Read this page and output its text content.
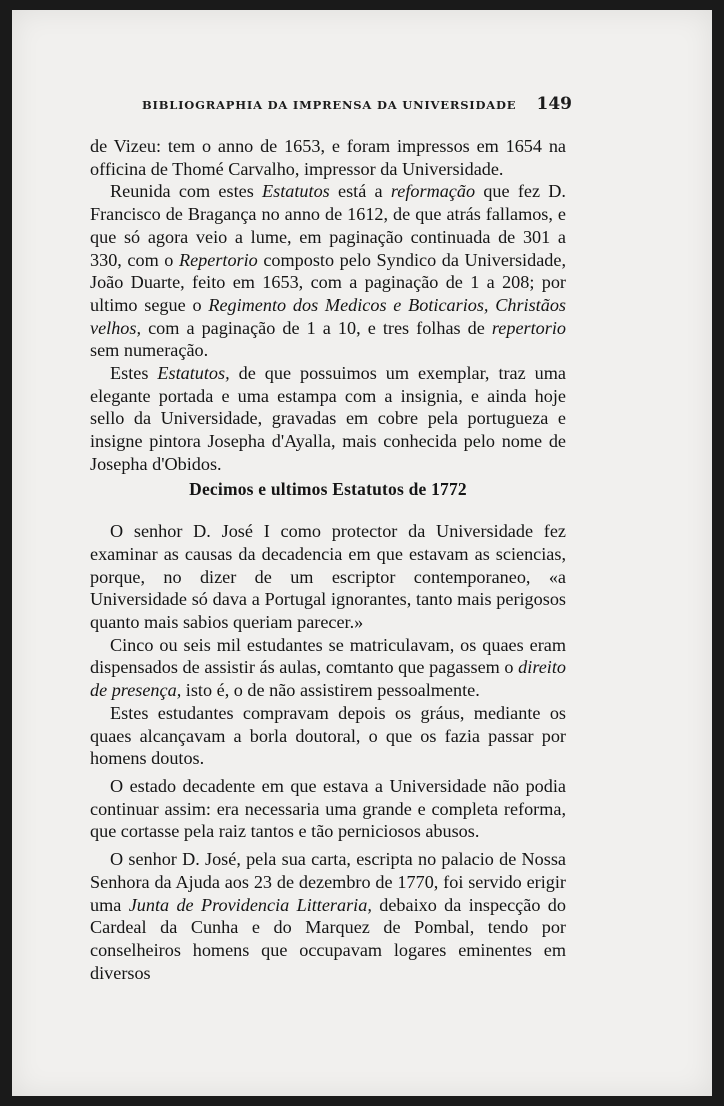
BIBLIOGRAPHIA DA IMPRENSA DA UNIVERSIDADE 149

de Vizeu: tem o anno de 1653, e foram impressos em 1654 na officina de Thomé Carvalho, impressor da Universidade.

Reunida com estes Estatutos está a reformação que fez D. Francisco de Bragança no anno de 1612, de que atrás fallamos, e que só agora veio a lume, em paginação continuada de 301 a 330, com o Repertorio composto pelo Syndico da Universidade, João Duarte, feito em 1653, com a paginação de 1 a 208; por ultimo segue o Regimento dos Medicos e Boticarios, Christãos velhos, com a paginação de 1 a 10, e tres folhas de repertorio sem numeração.

Estes Estatutos, de que possuimos um exemplar, traz uma elegante portada e uma estampa com a insignia, e ainda hoje sello da Universidade, gravadas em cobre pela portugueza e insigne pintora Josepha d'Ayalla, mais conhecida pelo nome de Josepha d'Obidos.

Decimos e ultimos Estatutos de 1772

O senhor D. José I como protector da Universidade fez examinar as causas da decadencia em que estavam as sciencias, porque, no dizer de um escriptor contemporaneo, «a Universidade só dava a Portugal ignorantes, tanto mais perigosos quanto mais sabios queriam parecer.»

Cinco ou seis mil estudantes se matriculavam, os quaes eram dispensados de assistir ás aulas, comtanto que pagassem o direito de presença, isto é, o de não assistirem pessoalmente.

Estes estudantes compravam depois os gráus, mediante os quaes alcançavam a borla doutoral, o que os fazia passar por homens doutos.

O estado decadente em que estava a Universidade não podia continuar assim: era necessaria uma grande e completa reforma, que cortasse pela raiz tantos e tão perniciosos abusos.

O senhor D. José, pela sua carta, escripta no palacio de Nossa Senhora da Ajuda aos 23 de dezembro de 1770, foi servido erigir uma Junta de Providencia Litteraria, debaixo da inspecção do Cardeal da Cunha e do Marquez de Pombal, tendo por conselheiros homens que occupavam logares eminentes em diversos
